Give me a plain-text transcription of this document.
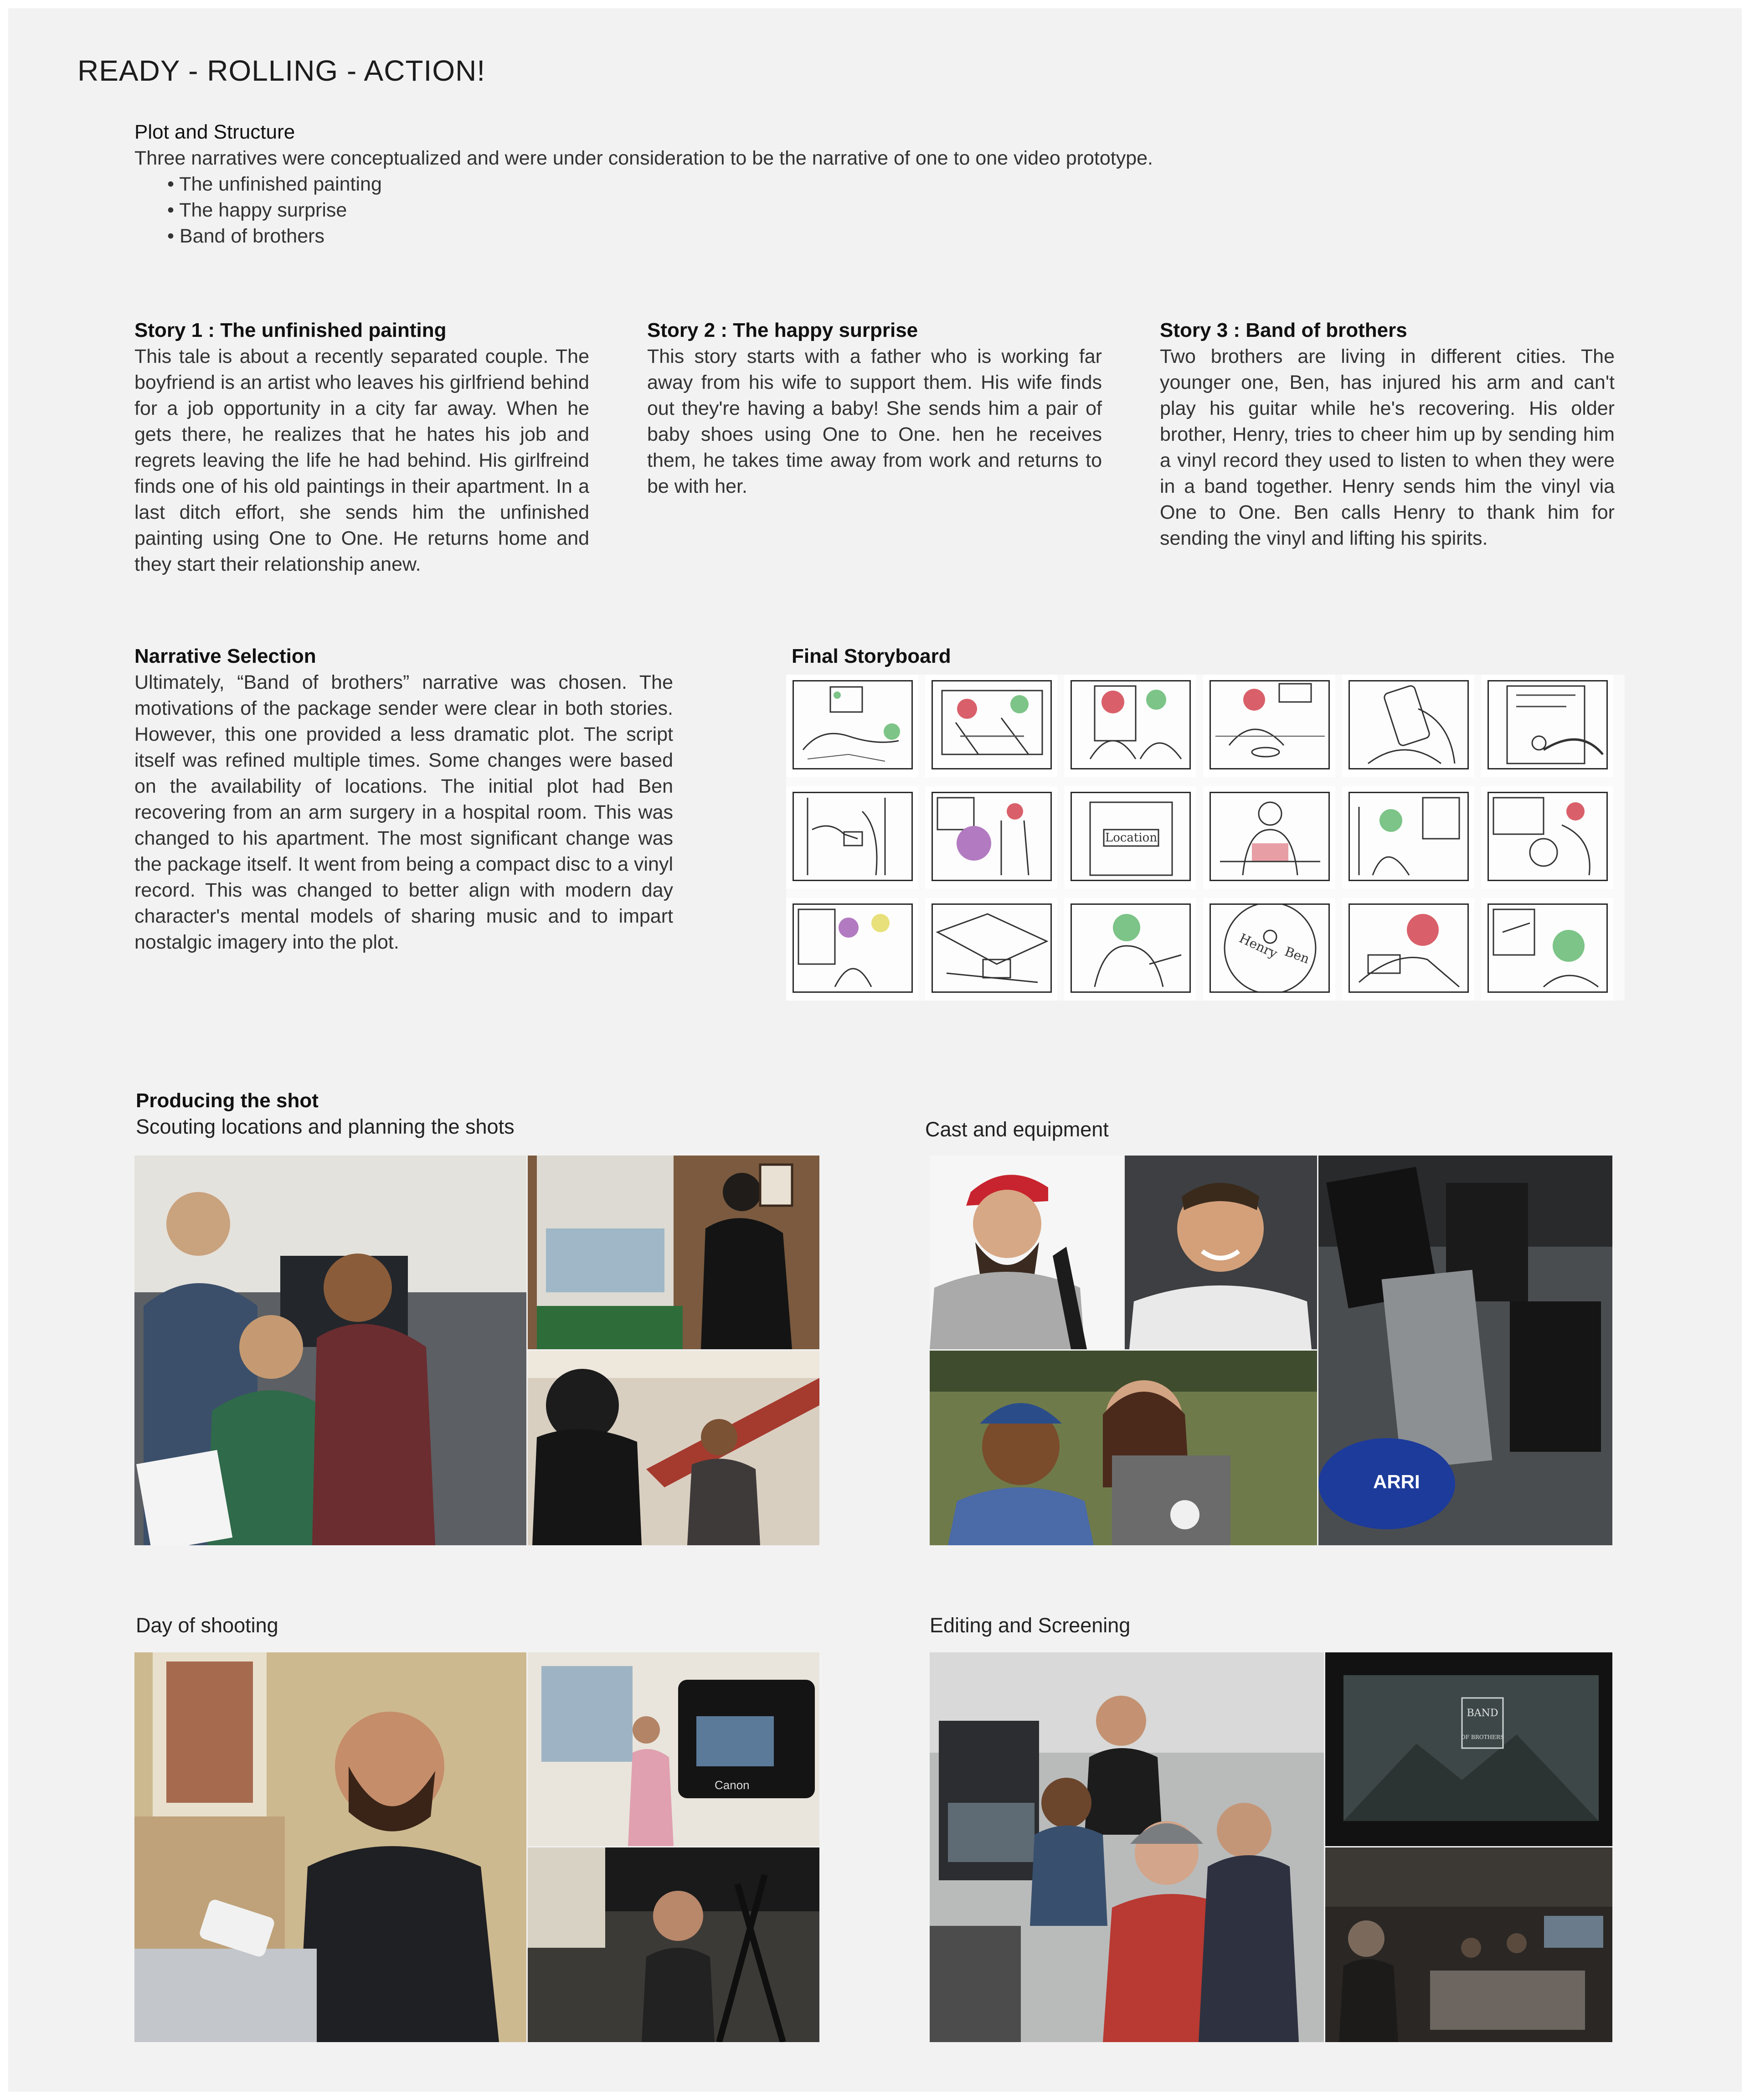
READY - ROLLING - ACTION!
Plot and Structure
Three narratives were conceptualized and were under consideration to be the narrative of one to one video prototype.
• The unfinished painting
• The happy surprise
• Band of brothers
Story 1 : The unfinished painting
This tale is about a recently separated couple. The boyfriend is an artist who leaves his girlfriend behind for a job opportunity in a city far away. When he gets there, he realizes that he hates his job and regrets leaving the life he had behind. His girlfreind finds one of his old paintings in their apartment. In a last ditch effort, she sends him the unfinished painting using One to One. He returns home and they start their relationship anew.
Story 2 : The happy surprise
This story starts with a father who is working far away from his wife to support them. His wife finds out they're having a baby! She sends him a pair of baby shoes using One to One. hen he receives them, he takes time away from work and returns to be with her.
Story 3 : Band of brothers
Two brothers are living in different cities. The younger one, Ben, has injured his arm and can't play his guitar while he's recovering. His older brother, Henry, tries to cheer him up by sending him a vinyl record they used to listen to when they were in a band together. Henry sends him the vinyl via One to One. Ben calls Henry to thank him for sending the vinyl and lifting his spirits.
Narrative Selection
Ultimately, “Band of brothers” narrative was chosen. The motivations of the package sender were clear in both stories. However, this one provided a less dramatic plot. The script itself was refined multiple times. Some changes were based on the availability of locations. The initial plot had Ben recovering from an arm surgery in a hospital room. This was changed to his apartment. The most significant change was the package itself. It went from being a compact disc to a vinyl record. This was changed to better align with modern day character's mental models of sharing music and to impart nostalgic imagery into the plot.
Final Storyboard
Location
Henry Ben
Producing the shot
Scouting locations and planning the shots	Cast and equipment
ARRI
Day of shooting	Editing and Screening
Canon
BAND
OF BROTHERS
